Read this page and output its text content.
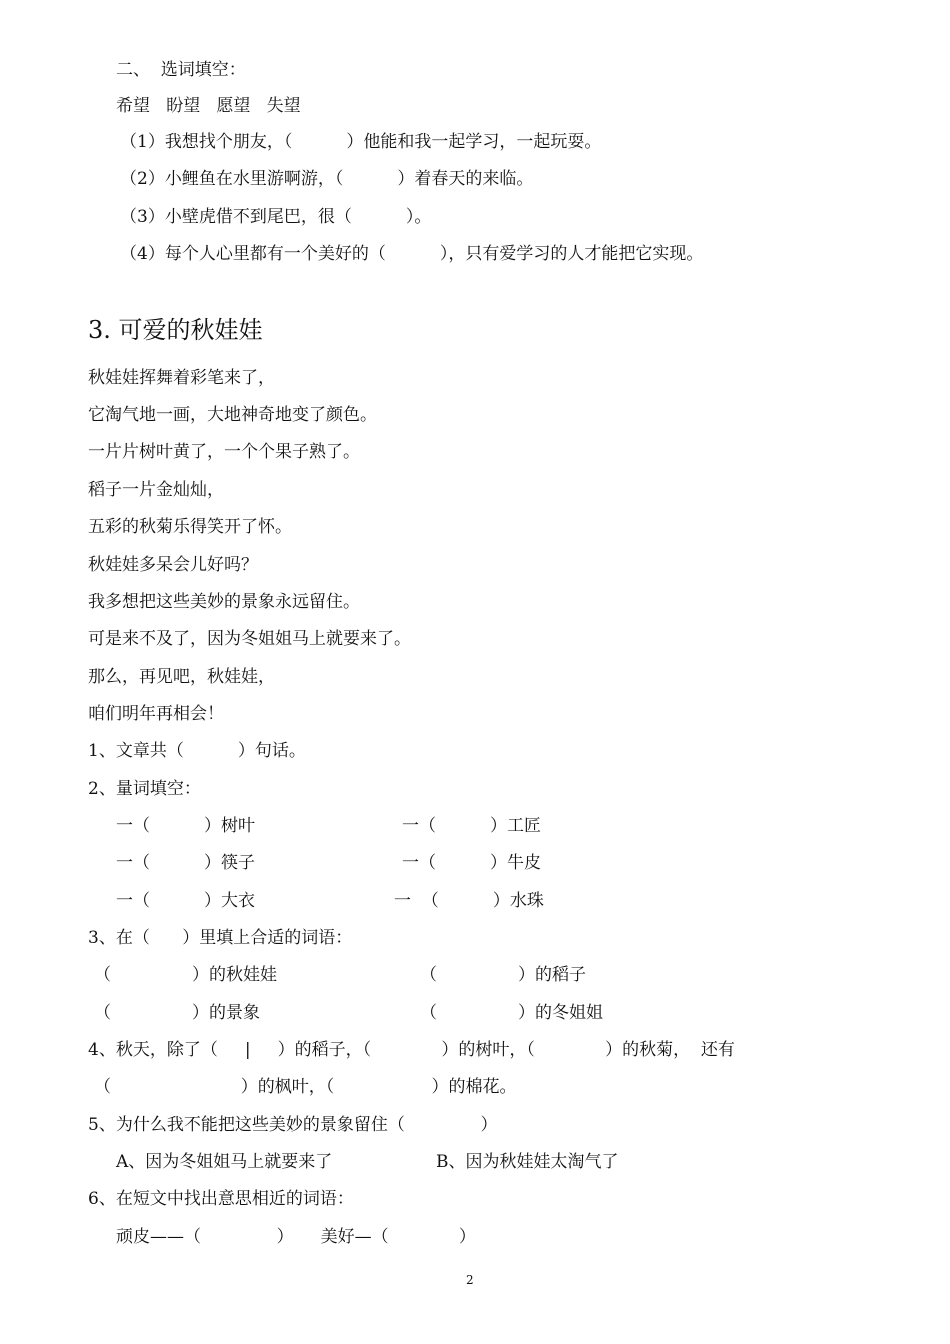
二、  选词填空：
希望   盼望   愿望   失望
（1）我想找个朋友，（          ）他能和我一起学习，一起玩耍。
（2）小鲤鱼在水里游啊游，（          ）着春天的来临。
（3）小壁虎借不到尾巴，很（          ）。
（4）每个人心里都有一个美好的（          ），只有爱学习的人才能把它实现。
3. 可爱的秋娃娃
秋娃娃挥舞着彩笔来了，
它淘气地一画，大地神奇地变了颜色。
一片片树叶黄了，一个个果子熟了。
稻子一片金灿灿，
五彩的秋菊乐得笑开了怀。
秋娃娃多呆会儿好吗？
我多想把这些美妙的景象永远留住。
可是来不及了，因为冬姐姐马上就要来了。
那么，再见吧，秋娃娃，
咱们明年再相会！
1、文章共（          ）句话。
2、量词填空：
一（          ）树叶	一（          ）工匠
一（          ）筷子	一（          ）牛皮
一（          ）大衣	一  （          ）水珠
3、在（      ）里填上合适的词语：
（               ）的秋娃娃	（               ）的稻子
（               ）的景象	（               ）的冬姐姐
4、秋天，除了（     |     ）的稻子，（             ）的树叶，（             ）的秋菊，  还有
（                        ）的枫叶，（                  ）的棉花。
5、为什么我不能把这些美妙的景象留住（              ）
A、因为冬姐姐马上就要来了	B、因为秋娃娃太淘气了
6、在短文中找出意思相近的词语：
顽皮——（              ）     美好—（             ）
2
